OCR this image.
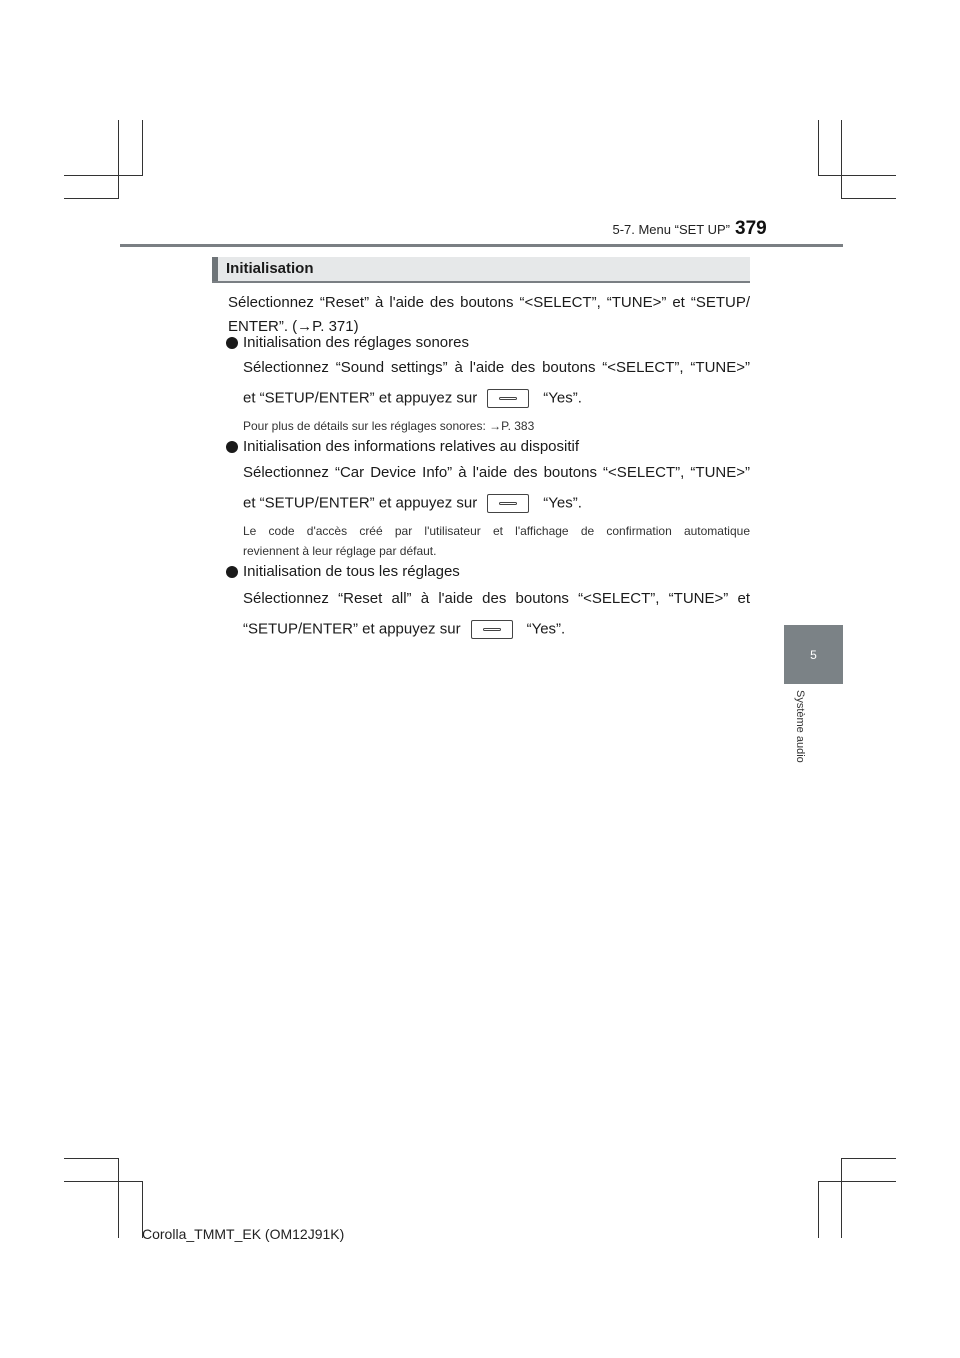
5-7. Menu “SET UP” 379
5
Système audio
Initialisation
Sélectionnez “Reset” à l'aide des boutons “<SELECT”, “TUNE>” et “SETUP/
ENTER”. (→P. 371)
Initialisation des réglages sonores
Sélectionnez “Sound settings” à l'aide des boutons “<SELECT”, “TUNE>”
et “SETUP/ENTER” et appuyez sur	“Yes”.
Pour plus de détails sur les réglages sonores: →P. 383
Initialisation des informations relatives au dispositif
Sélectionnez “Car Device Info” à l'aide des boutons “<SELECT”, “TUNE>”
et “SETUP/ENTER” et appuyez sur	“Yes”.
Le code d'accès créé par l'utilisateur et l'affichage de confirmation automatique
reviennent à leur réglage par défaut.
Initialisation de tous les réglages
Sélectionnez “Reset all” à l'aide des boutons “<SELECT”, “TUNE>” et
“SETUP/ENTER” et appuyez sur	“Yes”.
Corolla_TMMT_EK (OM12J91K)
